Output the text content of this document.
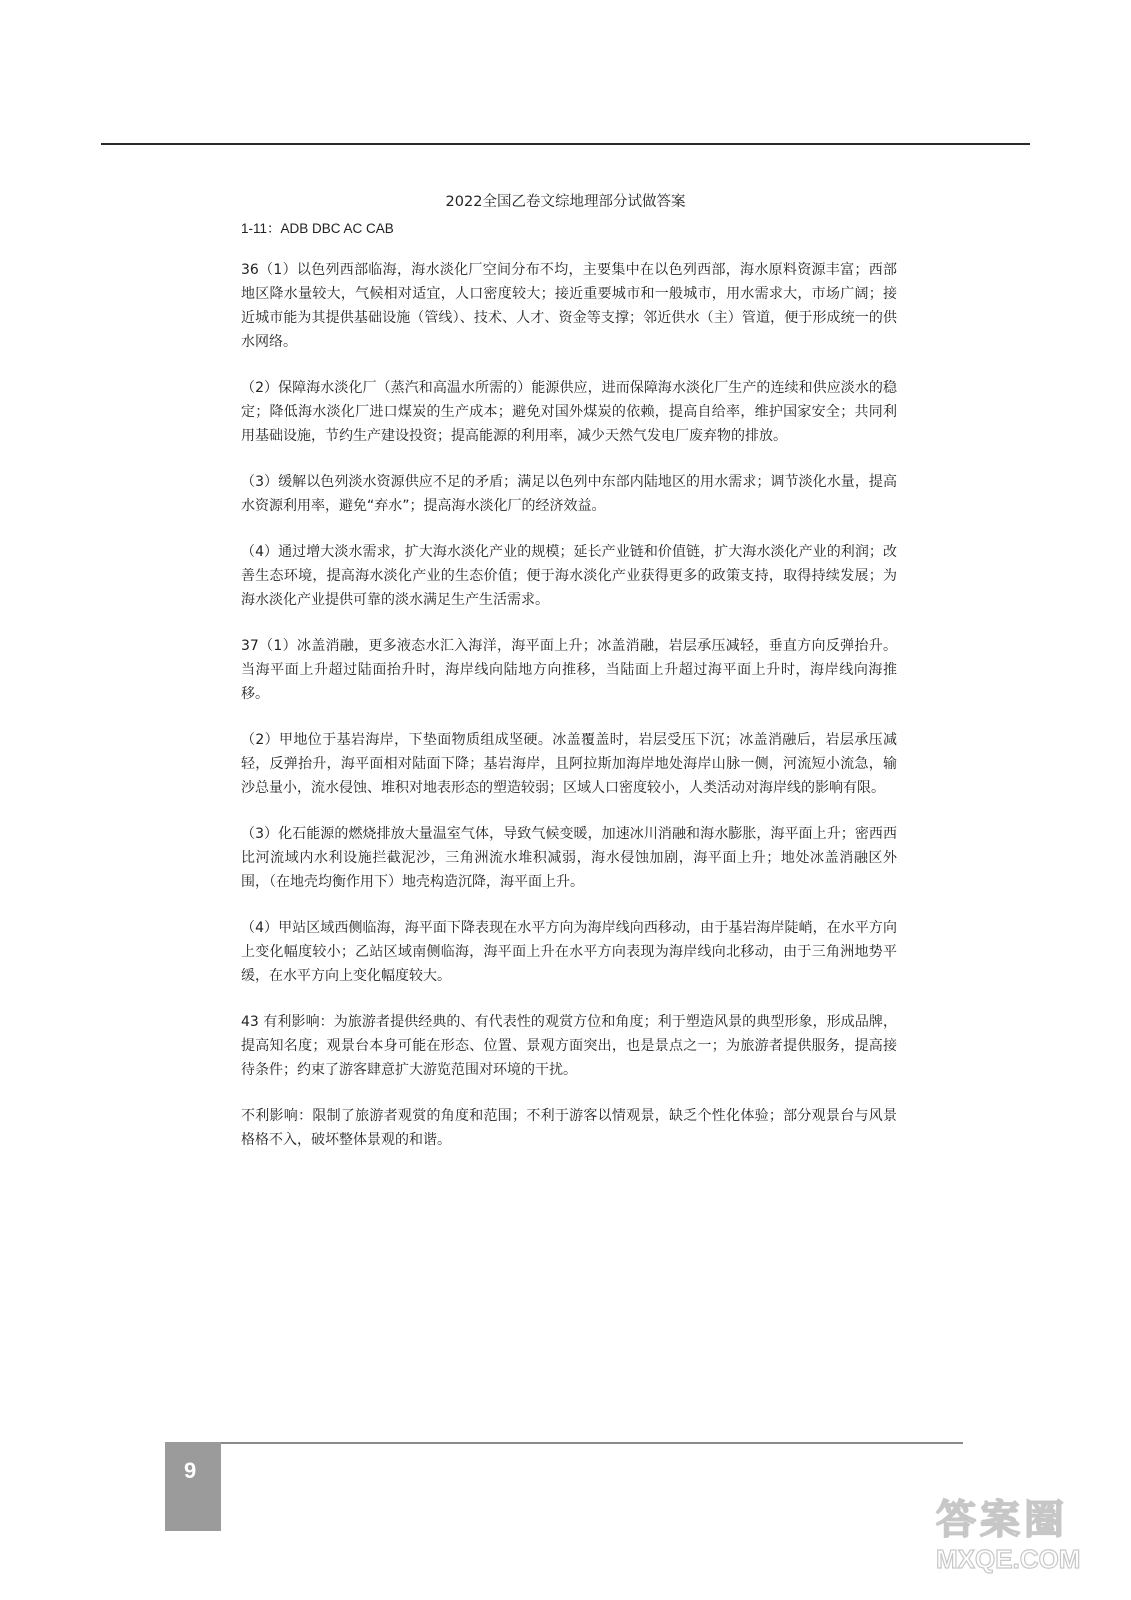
2022全国乙卷文综地理部分试做答案
1-11：ADB DBC AC CAB

36（1）以色列西部临海，海水淡化厂空间分布不均，主要集中在以色列西部，海水原料资源丰富；西部地区降水量较大，气候相对适宜，人口密度较大；接近重要城市和一般城市，用水需求大，市场广阔；接近城市能为其提供基础设施（管线）、技术、人才、资金等支撑；邻近供水（主）管道，便于形成统一的供水网络。

（2）保障海水淡化厂（蒸汽和高温水所需的）能源供应，进而保障海水淡化厂生产的连续和供应淡水的稳定；降低海水淡化厂进口煤炭的生产成本；避免对国外煤炭的依赖，提高自给率，维护国家安全；共同利用基础设施，节约生产建设投资；提高能源的利用率，减少天然气发电厂废弃物的排放。

（3）缓解以色列淡水资源供应不足的矛盾；满足以色列中东部内陆地区的用水需求；调节淡化水量，提高水资源利用率，避免“弃水”；提高海水淡化厂的经济效益。

（4）通过增大淡水需求，扩大海水淡化产业的规模；延长产业链和价值链，扩大海水淡化产业的利润；改善生态环境，提高海水淡化产业的生态价值；便于海水淡化产业获得更多的政策支持，取得持续发展；为海水淡化产业提供可靠的淡水满足生产生活需求。

37（1）冰盖消融，更多液态水汇入海洋，海平面上升；冰盖消融，岩层承压减轻，垂直方向反弹抬升。当海平面上升超过陆面抬升时，海岸线向陆地方向推移，当陆面上升超过海平面上升时，海岸线向海推移。

（2）甲地位于基岩海岸，下垫面物质组成坚硬。冰盖覆盖时，岩层受压下沉；冰盖消融后，岩层承压减轻，反弹抬升，海平面相对陆面下降；基岩海岸，且阿拉斯加海岸地处海岸山脉一侧，河流短小流急，输沙总量小，流水侵蚀、堆积对地表形态的塑造较弱；区域人口密度较小，人类活动对海岸线的影响有限。

（3）化石能源的燃烧排放大量温室气体，导致气候变暖，加速冰川消融和海水膨胀，海平面上升；密西西比河流域内水利设施拦截泥沙，三角洲流水堆积减弱，海水侵蚀加剧，海平面上升；地处冰盖消融区外围，（在地壳均衡作用下）地壳构造沉降，海平面上升。

（4）甲站区域西侧临海，海平面下降表现在水平方向为海岸线向西移动，由于基岩海岸陡峭，在水平方向上变化幅度较小；乙站区域南侧临海，海平面上升在水平方向表现为海岸线向北移动，由于三角洲地势平缓，在水平方向上变化幅度较大。

43 有利影响：为旅游者提供经典的、有代表性的观赏方位和角度；利于塑造风景的典型形象，形成品牌，提高知名度；观景台本身可能在形态、位置、景观方面突出，也是景点之一；为旅游者提供服务，提高接待条件；约束了游客肆意扩大游览范围对环境的干扰。

不利影响：限制了旅游者观赏的角度和范围；不利于游客以情观景，缺乏个性化体验；部分观景台与风景格格不入，破坏整体景观的和谐。

9
答案圈
MXQE.COM
